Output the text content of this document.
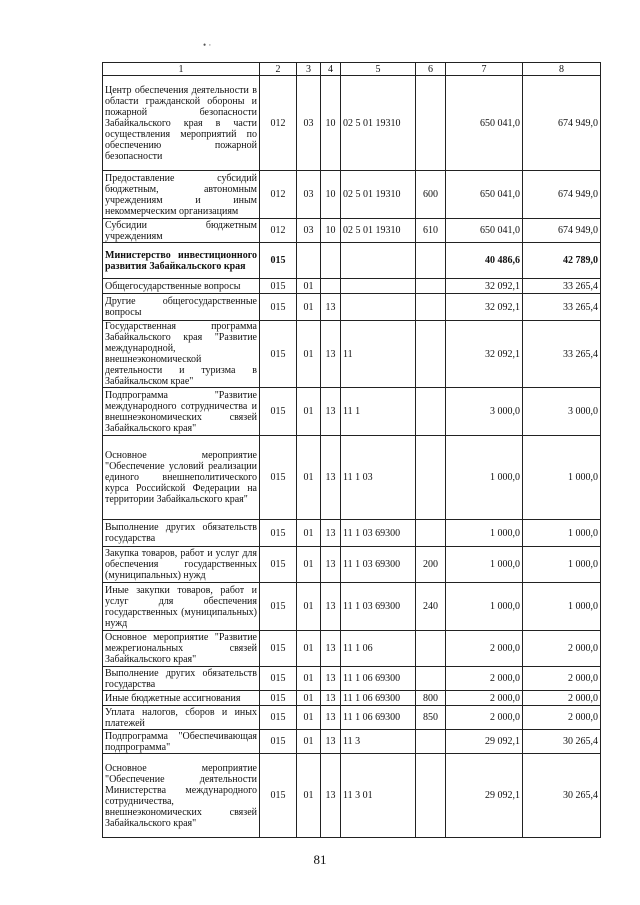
• ·
1	2	3	4	5	6	7	8
Центр обеспечения деятельности в области гражданской обороны и пожарной безопасности Забайкальского края в части осуществления мероприятий по обеспечению пожарной безопасности	012	03	10	02 5 01 19310		650 041,0	674 949,0
Предоставление субсидий бюджетным, автономным учреждениям и иным некоммерческим организациям	012	03	10	02 5 01 19310	600	650 041,0	674 949,0
Субсидии бюджетным учреждениям	012	03	10	02 5 01 19310	610	650 041,0	674 949,0
Министерство инвестиционного развития Забайкальского края	015					40 486,6	42 789,0
Общегосударственные вопросы	015	01				32 092,1	33 265,4
Другие общегосударственные вопросы	015	01	13			32 092,1	33 265,4
Государственная программа Забайкальского края "Развитие международной, внешнеэкономической деятельности и туризма в Забайкальском крае"	015	01	13	11		32 092,1	33 265,4
Подпрограмма "Развитие международного сотрудничества и внешнеэкономических связей Забайкальского края"	015	01	13	11 1		3 000,0	3 000,0
Основное мероприятие "Обеспечение условий реализации единого внешнеполитического курса Российской Федерации на территории Забайкальского края"	015	01	13	11 1 03		1 000,0	1 000,0
Выполнение других обязательств государства	015	01	13	11 1 03 69300		1 000,0	1 000,0
Закупка товаров, работ и услуг для обеспечения государственных (муниципальных) нужд	015	01	13	11 1 03 69300	200	1 000,0	1 000,0
Иные закупки товаров, работ и услуг для обеспечения государственных (муниципальных) нужд	015	01	13	11 1 03 69300	240	1 000,0	1 000,0
Основное мероприятие "Развитие межрегиональных связей Забайкальского края"	015	01	13	11 1 06		2 000,0	2 000,0
Выполнение других обязательств государства	015	01	13	11 1 06 69300		2 000,0	2 000,0
Иные бюджетные ассигнования	015	01	13	11 1 06 69300	800	2 000,0	2 000,0
Уплата налогов, сборов и иных платежей	015	01	13	11 1 06 69300	850	2 000,0	2 000,0
Подпрограмма "Обеспечивающая подпрограмма"	015	01	13	11 3		29 092,1	30 265,4
Основное мероприятие "Обеспечение деятельности Министерства международного сотрудничества, внешнеэкономических связей Забайкальского края"	015	01	13	11 3 01		29 092,1	30 265,4
81
